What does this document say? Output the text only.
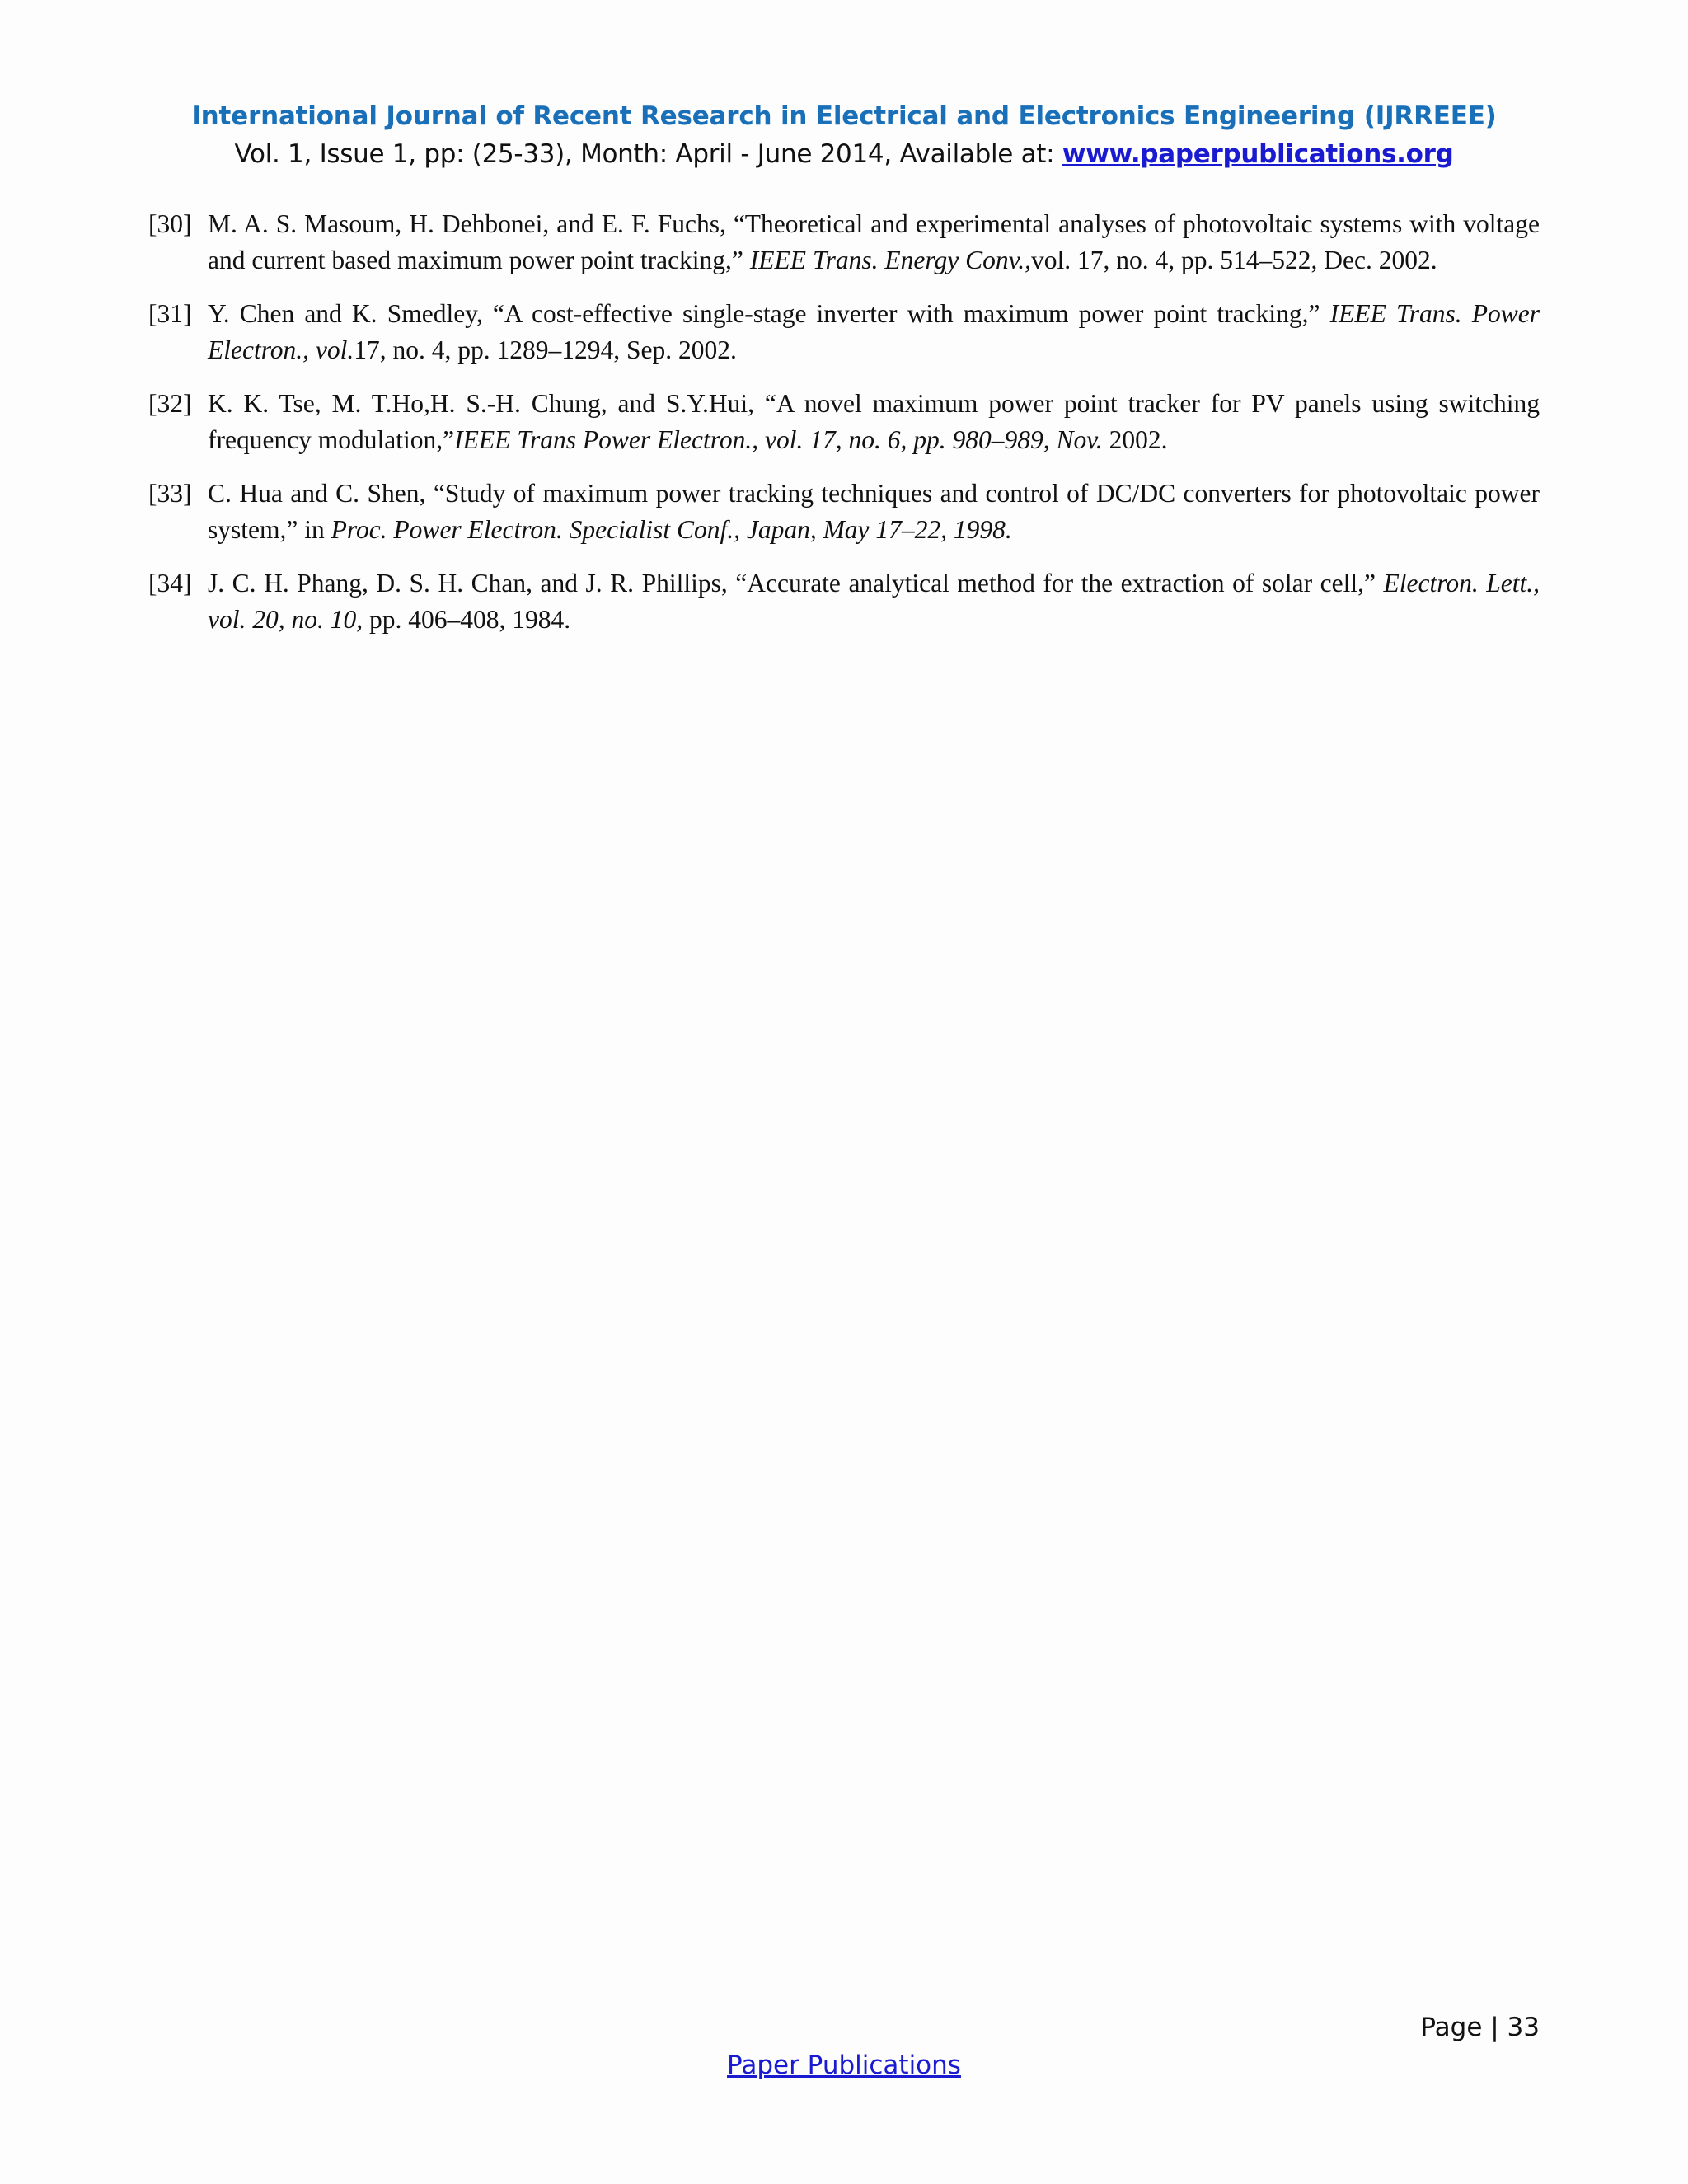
International Journal of Recent Research in Electrical and Electronics Engineering (IJRREEE)
Vol. 1, Issue 1, pp: (25-33), Month: April - June 2014, Available at: www.paperpublications.org
[30] M. A. S. Masoum, H. Dehbonei, and E. F. Fuchs, “Theoretical and experimental analyses of photovoltaic systems with voltage and current based maximum power point tracking,” IEEE Trans. Energy Conv.,vol. 17, no. 4, pp. 514–522, Dec. 2002.
[31] Y. Chen and K. Smedley, “A cost-effective single-stage inverter with maximum power point tracking,” IEEE Trans. Power Electron., vol.17, no. 4, pp. 1289–1294, Sep. 2002.
[32] K. K. Tse, M. T.Ho,H. S.-H. Chung, and S.Y.Hui, “A novel maximum power point tracker for PV panels using switching frequency modulation,”IEEE Trans Power Electron., vol. 17, no. 6, pp. 980–989, Nov. 2002.
[33] C. Hua and C. Shen, “Study of maximum power tracking techniques and control of DC/DC converters for photovoltaic power system,” in Proc. Power Electron. Specialist Conf., Japan, May 17–22, 1998.
[34] J. C. H. Phang, D. S. H. Chan, and J. R. Phillips, “Accurate analytical method for the extraction of solar cell,” Electron. Lett., vol. 20, no. 10, pp. 406–408, 1984.
Page | 33
Paper Publications
